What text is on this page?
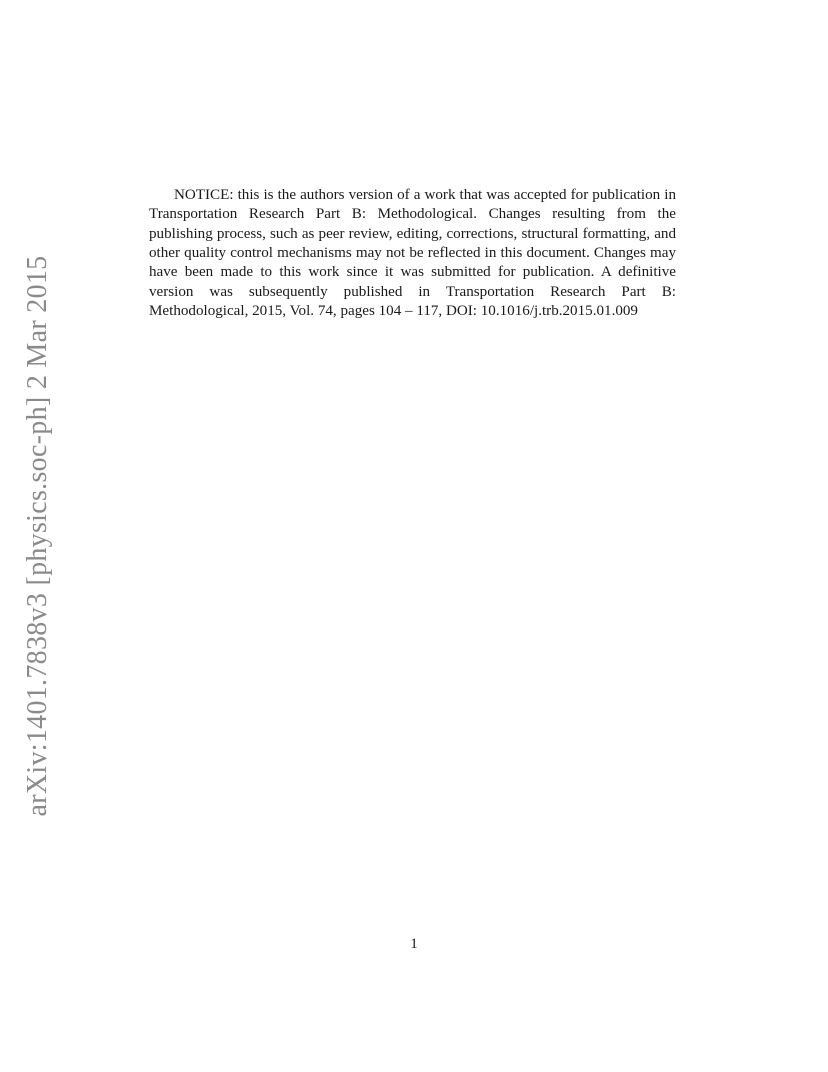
arXiv:1401.7838v3 [physics.soc-ph] 2 Mar 2015

NOTICE: this is the authors version of a work that was accepted for publication in Transportation Research Part B: Methodological. Changes resulting from the publishing process, such as peer review, editing, corrections, structural formatting, and other quality control mechanisms may not be reflected in this document. Changes may have been made to this work since it was submitted for publication. A definitive version was subsequently published in Transportation Research Part B: Methodological, 2015, Vol. 74, pages 104 – 117, DOI: 10.1016/j.trb.2015.01.009

1
